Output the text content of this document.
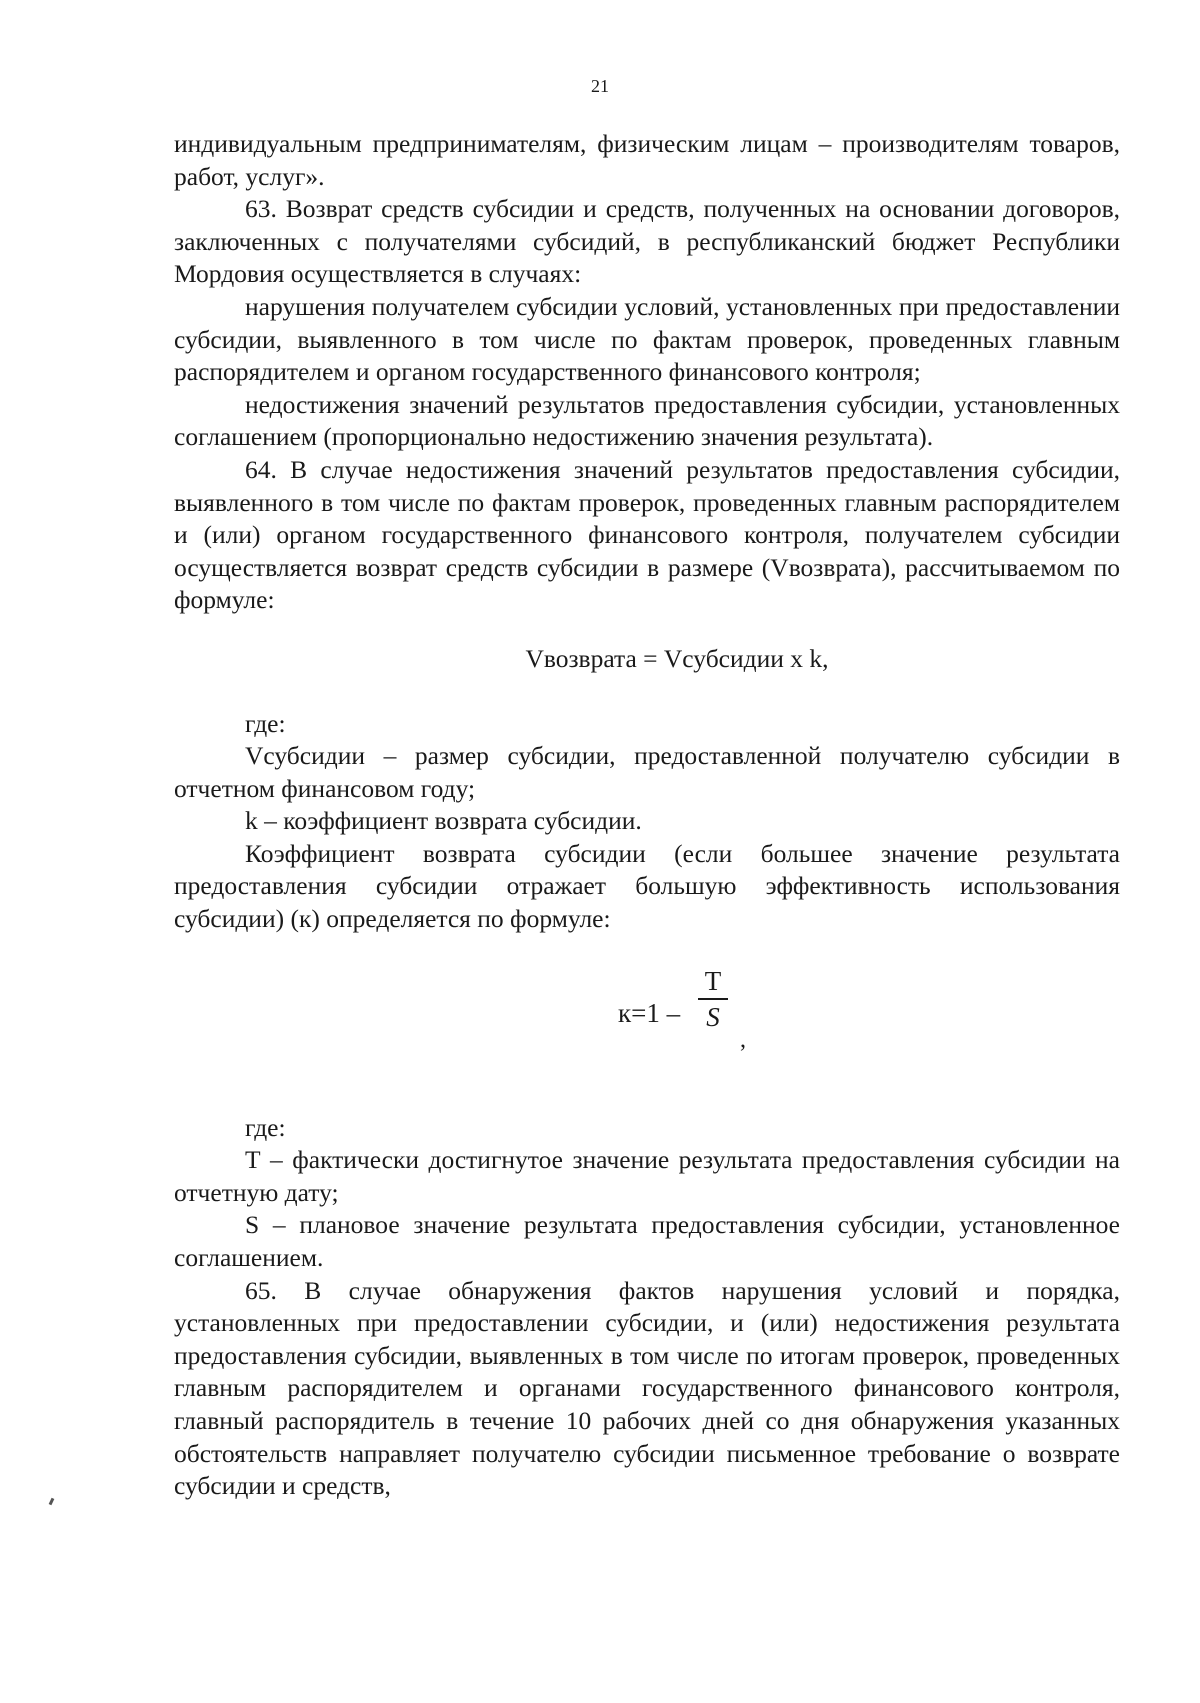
21

индивидуальным предпринимателям, физическим лицам – производителям товаров, работ, услуг».

63. Возврат средств субсидии и средств, полученных на основании договоров, заключенных с получателями субсидий, в республиканский бюджет Республики Мордовия осуществляется в случаях:

нарушения получателем субсидии условий, установленных при предоставлении субсидии, выявленного в том числе по фактам проверок, проведенных главным распорядителем и органом государственного финансового контроля;

недостижения значений результатов предоставления субсидии, установленных соглашением (пропорционально недостижению значения результата).

64. В случае недостижения значений результатов предоставления субсидии, выявленного в том числе по фактам проверок, проведенных главным распорядителем и (или) органом государственного финансового контроля, получателем субсидии осуществляется возврат средств субсидии в размере (Vвозврата), рассчитываемом по формуле:

Vвозврата = Vсубсидии x k,

где:

Vсубсидии – размер субсидии, предоставленной получателю субсидии в отчетном финансовом году;

k – коэффициент возврата субсидии.

Коэффициент возврата субсидии (если большее значение результата предоставления субсидии отражает большую эффективность использования субсидии) (к) определяется по формуле:

к=1 –
Т
S
,

где:

Т – фактически достигнутое значение результата предоставления субсидии на отчетную дату;

S – плановое значение результата предоставления субсидии, установленное соглашением.

65. В случае обнаружения фактов нарушения условий и порядка, установленных при предоставлении субсидии, и (или) недостижения результата предоставления субсидии, выявленных в том числе по итогам проверок, проведенных главным распорядителем и органами государственного финансового контроля, главный распорядитель в течение 10 рабочих дней со дня обнаружения указанных обстоятельств направляет получателю субсидии письменное требование о возврате субсидии и средств,
